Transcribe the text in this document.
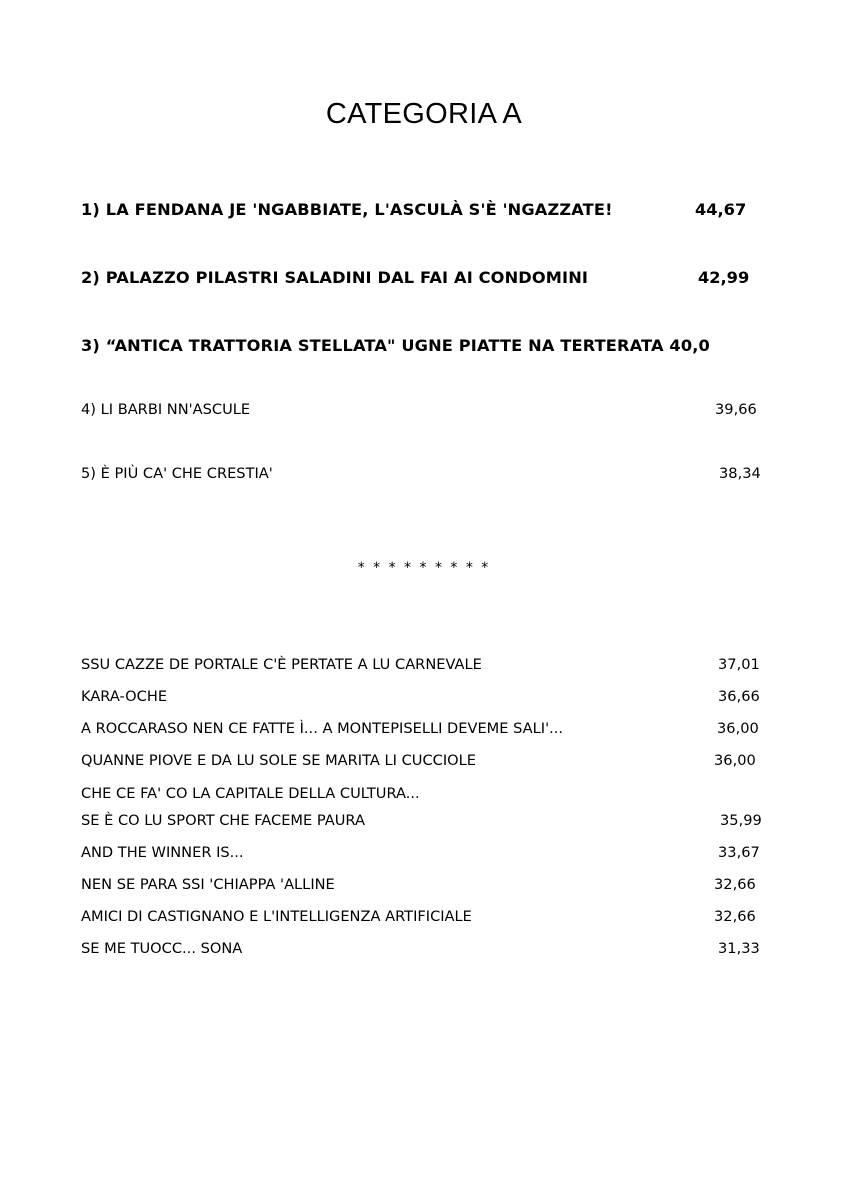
CATEGORIA A
1) LA FENDANA JE 'NGABBIATE, L'ASCULÀ S'È 'NGAZZATE!	44,67
2) PALAZZO PILASTRI SALADINI DAL FAI AI CONDOMINI	42,99
3) “ANTICA TRATTORIA STELLATA" UGNE PIATTE NA TERTERATA 40,0
4) LI BARBI NN'ASCULE	39,66
5) È PIÙ CA' CHE CRESTIA'	38,34
* * * * * * * * *
SSU CAZZE DE PORTALE C'È PERTATE A LU CARNEVALE	37,01
KARA-OCHE	36,66
A ROCCARASO NEN CE FATTE Ì... A MONTEPISELLI DEVEME SALI'...	36,00
QUANNE PIOVE E DA LU SOLE SE MARITA LI CUCCIOLE	36,00
CHE CE FA' CO LA CAPITALE DELLA CULTURA...
SE È CO LU SPORT CHE FACEME PAURA	35,99
AND THE WINNER IS...	33,67
NEN SE PARA SSI 'CHIAPPA 'ALLINE	32,66
AMICI DI CASTIGNANO E L'INTELLIGENZA ARTIFICIALE	32,66
SE ME TUOCC... SONA	31,33
